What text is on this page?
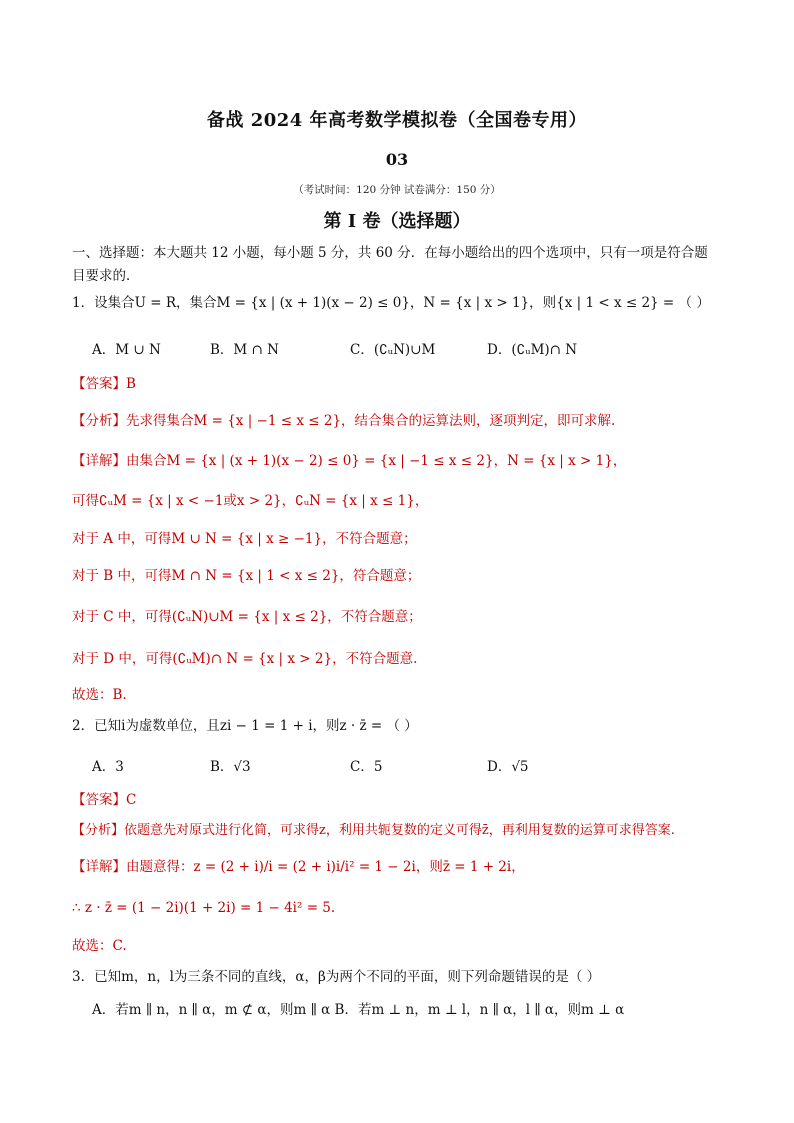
备战 2024 年高考数学模拟卷（全国卷专用）
03
（考试时间：120 分钟 试卷满分：150 分）
第 I 卷（选择题）
一、选择题：本大题共 12 小题，每小题 5 分，共 60 分．在每小题给出的四个选项中，只有一项是符合题
目要求的．
1．设集合U = R，集合M = {x | (x + 1)(x − 2) ≤ 0}，N = {x | x > 1}，则{x | 1 < x ≤ 2} = （ ）
A．M ∪ N	B．M ∩ N	C．(∁ᵤN)∪M	D．(∁ᵤM)∩ N
【答案】B
【分析】先求得集合M = {x | −1 ≤ x ≤ 2}，结合集合的运算法则，逐项判定，即可求解.
【详解】由集合M = {x | (x + 1)(x − 2) ≤ 0} = {x | −1 ≤ x ≤ 2}，N = {x | x > 1}，
可得∁ᵤM = {x | x < −1或x > 2}，∁ᵤN = {x | x ≤ 1}，
对于 A 中，可得M ∪ N = {x | x ≥ −1}，不符合题意；
对于 B 中，可得M ∩ N = {x | 1 < x ≤ 2}，符合题意；
对于 C 中，可得(∁ᵤN)∪M = {x | x ≤ 2}，不符合题意；
对于 D 中，可得(∁ᵤM)∩ N = {x | x > 2}，不符合题意.
故选：B.
2．已知i为虚数单位，且zi − 1 = 1 + i，则z · z̄ = （ ）
A．3	B．√3	C．5	D．√5
【答案】C
【分析】依题意先对原式进行化简，可求得z，利用共轭复数的定义可得z̄，再利用复数的运算可求得答案.
【详解】由题意得：z = (2 + i)/i = (2 + i)i/i² = 1 − 2i，则z̄ = 1 + 2i，
∴ z · z̄ = (1 − 2i)(1 + 2i) = 1 − 4i² = 5.
故选：C.
3．已知m，n，l为三条不同的直线，α，β为两个不同的平面，则下列命题错误的是（ ）
A．若m ∥ n，n ∥ α，m ⊄ α，则m ∥ α B．若m ⊥ n，m ⊥ l，n ∥ α，l ∥ α，则m ⊥ α
